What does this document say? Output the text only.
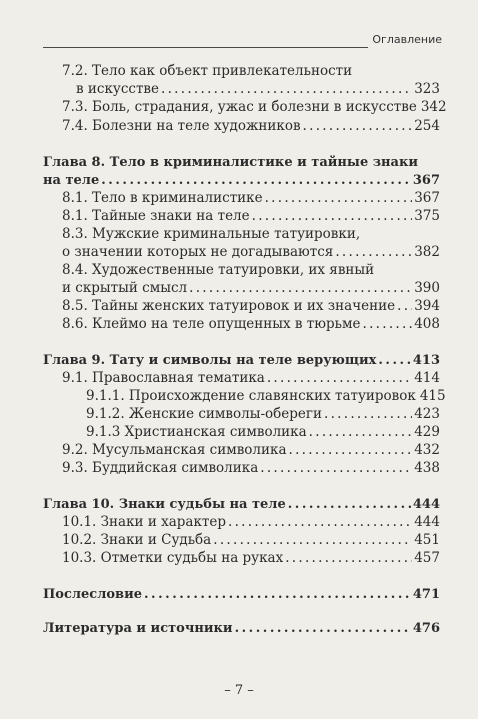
Оглавление
7.2. Тело как объект привлекательности
в искусстве . . .	323
7.3. Боль, страдания, ужас и болезни в искусстве 342
7.4. Болезни на теле художников . . .	254
Глава 8. Тело в криминалистике и тайные знаки
на теле . . .	367
8.1. Тело в криминалистике . . .	367
8.1. Тайные знаки на теле . . .	375
8.3. Мужские криминальные татуировки,
о значении которых не догадываются . . .	382
8.4. Художественные татуировки, их явный
и скрытый смысл . . .	390
8.5. Тайны женских татуировок и их значение . . . 394
8.6. Клеймо на теле опущенных в тюрьме . . .	408
Глава 9. Тату и символы на теле верующих . . .	413
9.1. Православная тематика . . .	414
9.1.1. Происхождение славянских татуировок 415
9.1.2. Женские символы-обереги . . .	423
9.1.3 Христианская символика . . .	429
9.2. Мусульманская символика . . .	432
9.3. Буддийская символика . . .	438
Глава 10. Знаки судьбы на теле . . .	444
10.1. Знаки и характер . . .	444
10.2. Знаки и Судьба . . .	451
10.3. Отметки судьбы на руках . . .	457
Послесловие . . .	471
Литература и источники . . .	476
– 7 –
